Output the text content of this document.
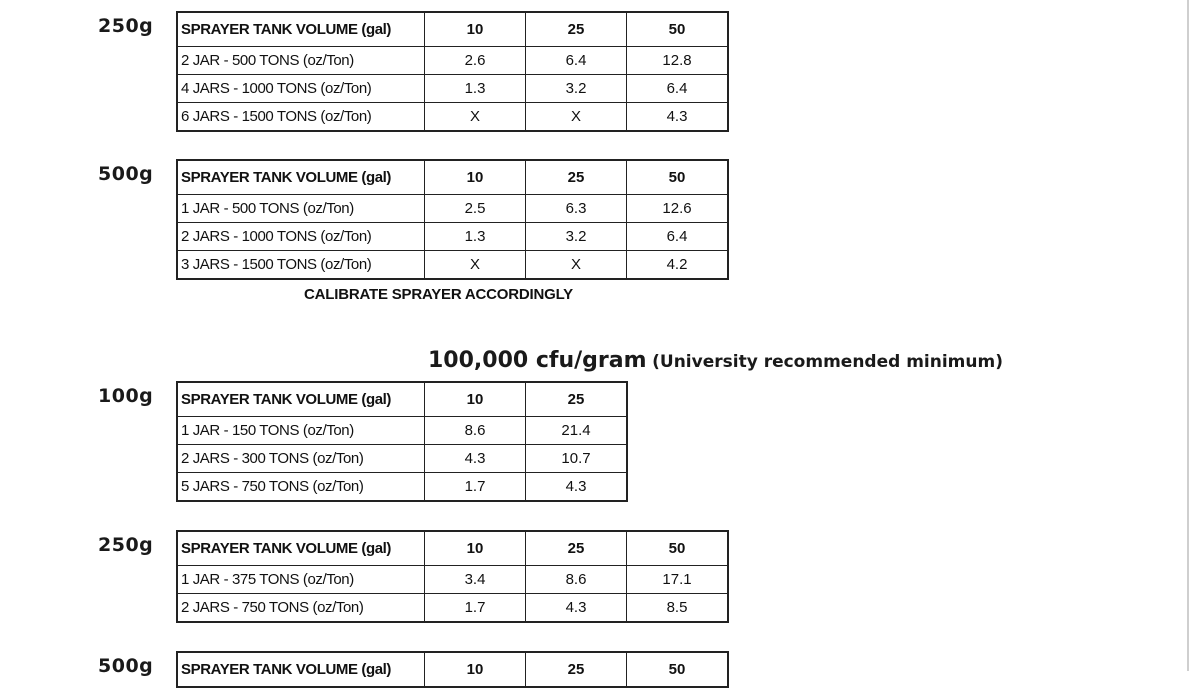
250g SPRAYER TANK VOLUME (gal)	10	25	50
2 JAR - 500 TONS (oz/Ton)	2.6	6.4	12.8
4 JARS - 1000 TONS (oz/Ton)	1.3	3.2	6.4
6 JARS - 1500 TONS (oz/Ton)	X	X	4.3
500g SPRAYER TANK VOLUME (gal)	10	25	50
1 JAR - 500 TONS (oz/Ton)	2.5	6.3	12.6
2 JARS - 1000 TONS (oz/Ton)	1.3	3.2	6.4
3 JARS - 1500 TONS (oz/Ton)	X	X	4.2
CALIBRATE SPRAYER ACCORDINGLY
100,000 cfu/gram (University recommended minimum)
100g SPRAYER TANK VOLUME (gal)	10	25
1 JAR - 150 TONS (oz/Ton)	8.6	21.4
2 JARS - 300 TONS (oz/Ton)	4.3	10.7
5 JARS - 750 TONS (oz/Ton)	1.7	4.3
250g SPRAYER TANK VOLUME (gal)	10	25	50
1 JAR - 375 TONS (oz/Ton)	3.4	8.6	17.1
2 JARS - 750 TONS (oz/Ton)	1.7	4.3	8.5
500g SPRAYER TANK VOLUME (gal)	10	25	50
